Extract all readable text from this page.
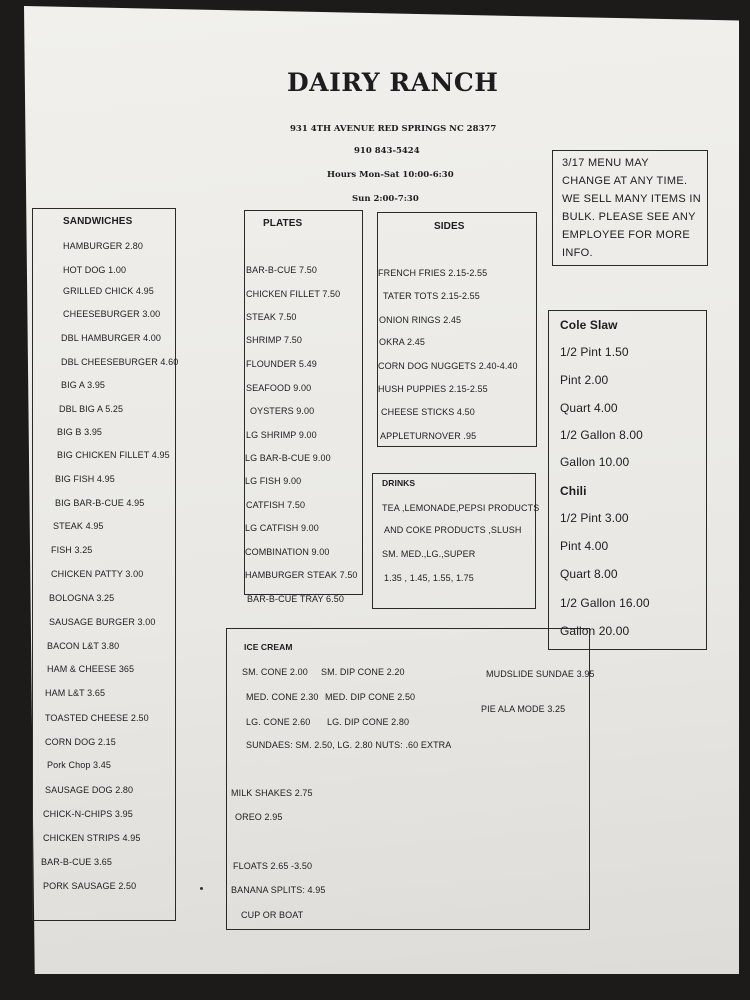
DAIRY RANCH
931 4TH AVENUE RED SPRINGS NC 28377
910 843-5424
Hours Mon-Sat 10:00-6:30
Sun 2:00-7:30
3/17 MENU MAY
CHANGE AT ANY TIME.
WE SELL MANY ITEMS IN
BULK. PLEASE SEE ANY
EMPLOYEE FOR MORE
INFO.
SANDWICHES
HAMBURGER 2.80
HOT DOG 1.00
GRILLED CHICK 4.95
CHEESEBURGER 3.00
DBL HAMBURGER 4.00
DBL CHEESEBURGER 4.60
BIG A 3.95
DBL BIG A 5.25
BIG B 3.95
BIG CHICKEN FILLET 4.95
BIG FISH 4.95
BIG BAR-B-CUE 4.95
STEAK 4.95
FISH 3.25
CHICKEN PATTY 3.00
BOLOGNA 3.25
SAUSAGE BURGER 3.00
BACON L&T 3.80
HAM & CHEESE 365
HAM L&T 3.65
TOASTED CHEESE 2.50
CORN DOG 2.15
Pork Chop 3.45
SAUSAGE DOG 2.80
CHICK-N-CHIPS 3.95
CHICKEN STRIPS 4.95
BAR-B-CUE 3.65
PORK SAUSAGE 2.50
PLATES
BAR-B-CUE 7.50
CHICKEN FILLET 7.50
STEAK 7.50
SHRIMP 7.50
FLOUNDER 5.49
SEAFOOD 9.00
OYSTERS 9.00
LG SHRIMP 9.00
LG BAR-B-CUE 9.00
LG FISH 9.00
CATFISH 7.50
LG CATFISH 9.00
COMBINATION 9.00
HAMBURGER STEAK 7.50
BAR-B-CUE TRAY 6.50
SIDES
FRENCH FRIES 2.15-2.55
TATER TOTS 2.15-2.55
ONION RINGS 2.45
OKRA 2.45
CORN DOG NUGGETS 2.40-4.40
HUSH PUPPIES 2.15-2.55
CHEESE STICKS 4.50
APPLETURNOVER .95
DRINKS
TEA ,LEMONADE,PEPSI PRODUCTS
AND COKE PRODUCTS ,SLUSH
SM. MED.,LG.,SUPER
1.35 , 1.45, 1.55, 1.75
Cole Slaw
1/2 Pint 1.50
Pint 2.00
Quart 4.00
1/2 Gallon 8.00
Gallon 10.00
Chili
1/2 Pint 3.00
Pint 4.00
Quart 8.00
1/2 Gallon 16.00
Gallon 20.00
ICE CREAM
SM. CONE 2.00 SM. DIP CONE 2.20
MED. CONE 2.30 MED. DIP CONE 2.50
LG. CONE 2.60 LG. DIP CONE 2.80
SUNDAES: SM. 2.50, LG. 2.80 NUTS: .60 EXTRA
MUDSLIDE SUNDAE 3.95
PIE ALA MODE 3.25
MILK SHAKES 2.75
OREO 2.95
FLOATS 2.65 -3.50
BANANA SPLITS: 4.95
CUP OR BOAT
